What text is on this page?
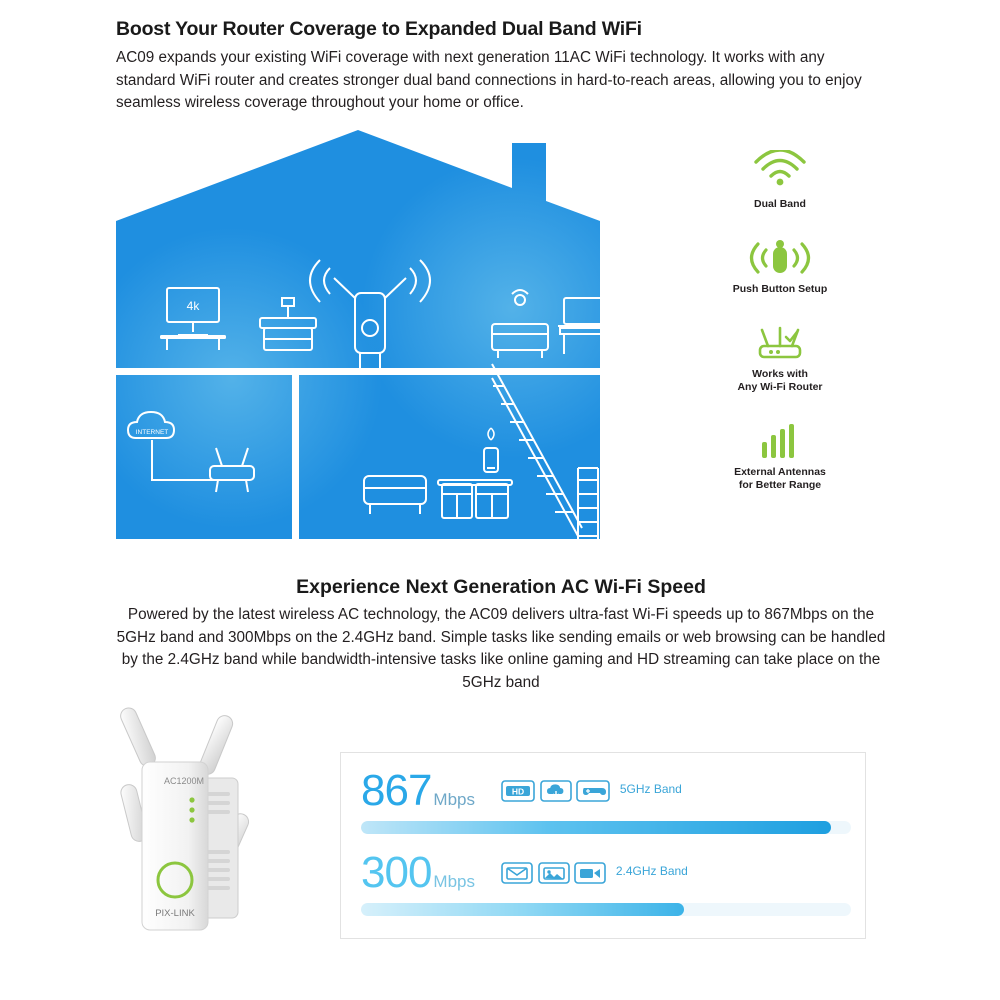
Boost Your Router Coverage to Expanded Dual Band WiFi

AC09 expands your existing WiFi coverage with next generation 11AC WiFi technology. It works with any standard WiFi router and creates stronger dual band connections in hard-to-reach areas, allowing you to enjoy seamless wireless coverage throughout your home or office.

4k
INTERNET
Dual Band
Push Button Setup
Works with
Any Wi-Fi Router
External Antennas
for Better Range
Experience Next Generation AC Wi-Fi Speed

Powered by the latest wireless AC technology, the AC09 delivers ultra-fast Wi-Fi speeds up to 867Mbps on the 5GHz band and 300Mbps on the 2.4GHz band. Simple tasks like sending emails or web browsing can be handled by the 2.4GHz band while bandwidth-intensive tasks like online gaming and HD streaming can take place on the 5GHz band

AC1200M
PIX-LINK
867 Mbps	HD	5GHz Band
300 Mbps    2.4GHz Band
